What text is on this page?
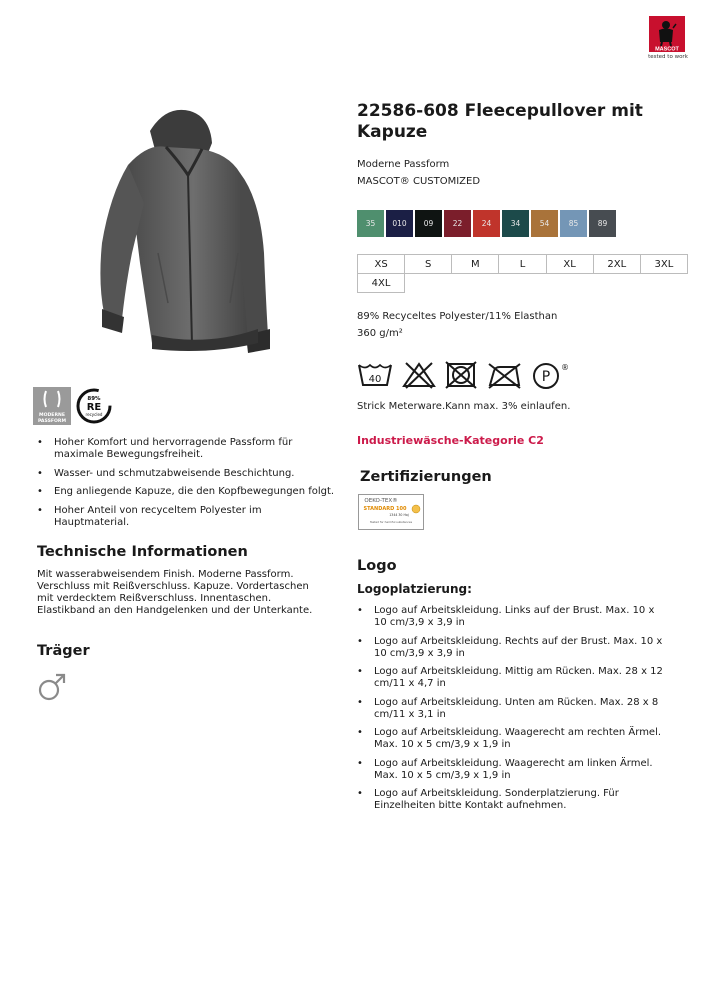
MASCOT
tested to work
22586-608 Fleecepullover mit Kapuze
Moderne Passform
MASCOT® CUSTOMIZED
35	010	09	22	24	34	54	85	89
XS	S	M	L	XL	2XL	3XL
4XL
89% Recyceltes Polyester/11% Elasthan
360 g/m²
40	P
®
Strick Meterware.Kann max. 3% einlaufen.
MODERNE
PASSFORM
89%
RE
recycled
• Hoher Komfort und hervorragende Passform für maximale Bewegungsfreiheit.
• Wasser- und schmutzabweisende Beschichtung.
• Eng anliegende Kapuze, die den Kopfbewegungen folgt.
• Hoher Anteil von recyceltem Polyester im Hauptmaterial.
Technische Informationen
Mit wasserabweisendem Finish. Moderne Passform. Verschluss mit Reißverschluss. Kapuze. Vordertaschen mit verdecktem Reißverschluss. Innentaschen. Elastikband an den Handgelenken und der Unterkante.
Träger
Industriewäsche-Kategorie C2
Zertifizierungen
OEKO-TEX®
STANDARD 100
1344 30 Hoj
Tested for harmful substances
Logo
Logoplatzierung:
• Logo auf Arbeitskleidung. Links auf der Brust. Max. 10 x 10 cm/3,9 x 3,9 in
• Logo auf Arbeitskleidung. Rechts auf der Brust. Max. 10 x 10 cm/3,9 x 3,9 in
• Logo auf Arbeitskleidung. Mittig am Rücken. Max. 28 x 12 cm/11 x 4,7 in
• Logo auf Arbeitskleidung. Unten am Rücken. Max. 28 x 8 cm/11 x 3,1 in
• Logo auf Arbeitskleidung. Waagerecht am rechten Ärmel. Max. 10 x 5 cm/3,9 x 1,9 in
• Logo auf Arbeitskleidung. Waagerecht am linken Ärmel. Max. 10 x 5 cm/3,9 x 1,9 in
• Logo auf Arbeitskleidung. Sonderplatzierung. Für Einzelheiten bitte Kontakt aufnehmen.
